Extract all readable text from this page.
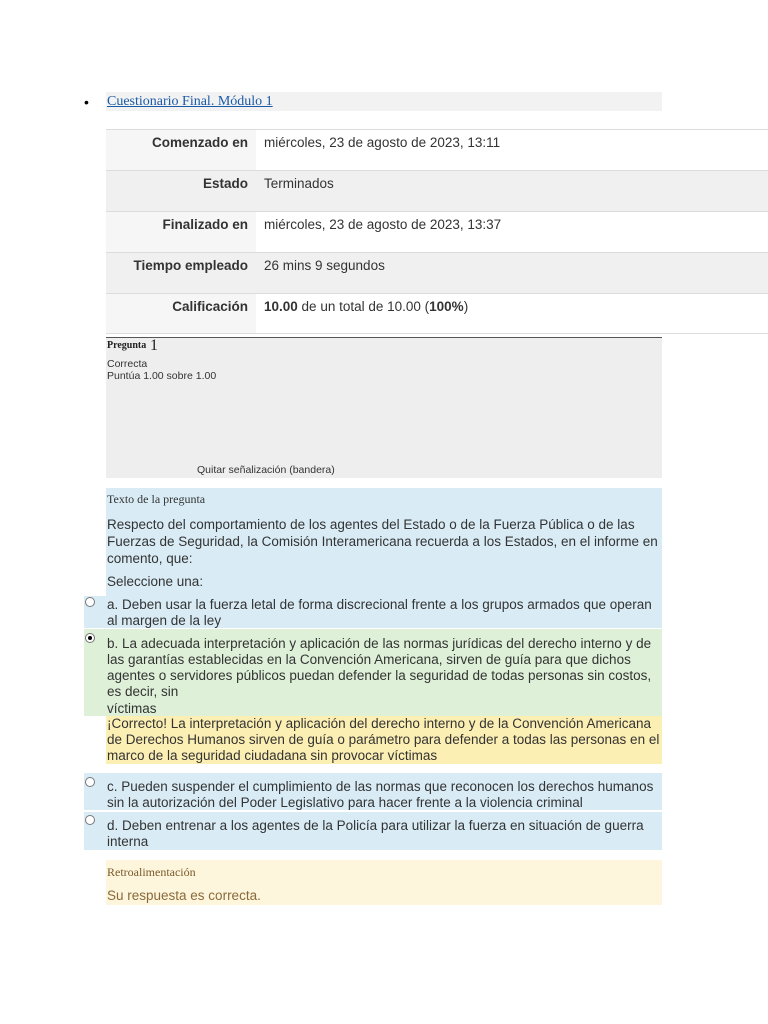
• Cuestionario Final. Módulo 1
Comenzado en	miércoles, 23 de agosto de 2023, 13:11
Estado	Terminados
Finalizado en	miércoles, 23 de agosto de 2023, 13:37
Tiempo empleado	26 mins 9 segundos
Calificación	10.00 de un total de 10.00 (100%)
Pregunta 1
Correcta
Puntúa 1.00 sobre 1.00
Quitar señalización (bandera)
Texto de la pregunta
Respecto del comportamiento de los agentes del Estado o de la Fuerza Pública o de las Fuerzas de Seguridad, la Comisión Interamericana recuerda a los Estados, en el informe en comento, que:
Seleccione una:
a. Deben usar la fuerza letal de forma discrecional frente a los grupos armados que operan al margen de la ley
b. La adecuada interpretación y aplicación de las normas jurídicas del derecho interno y de las garantías establecidas en la Convención Americana, sirven de guía para que dichos agentes o servidores públicos puedan defender la seguridad de todas personas sin costos, es decir, sin
víctimas
¡Correcto! La interpretación y aplicación del derecho interno y de la Convención Americana de Derechos Humanos sirven de guía o parámetro para defender a todas las personas en el marco de la seguridad ciudadana sin provocar víctimas
c. Pueden suspender el cumplimiento de las normas que reconocen los derechos humanos sin la autorización del Poder Legislativo para hacer frente a la violencia criminal
d. Deben entrenar a los agentes de la Policía para utilizar la fuerza en situación de guerra interna
Retroalimentación
Su respuesta es correcta.
